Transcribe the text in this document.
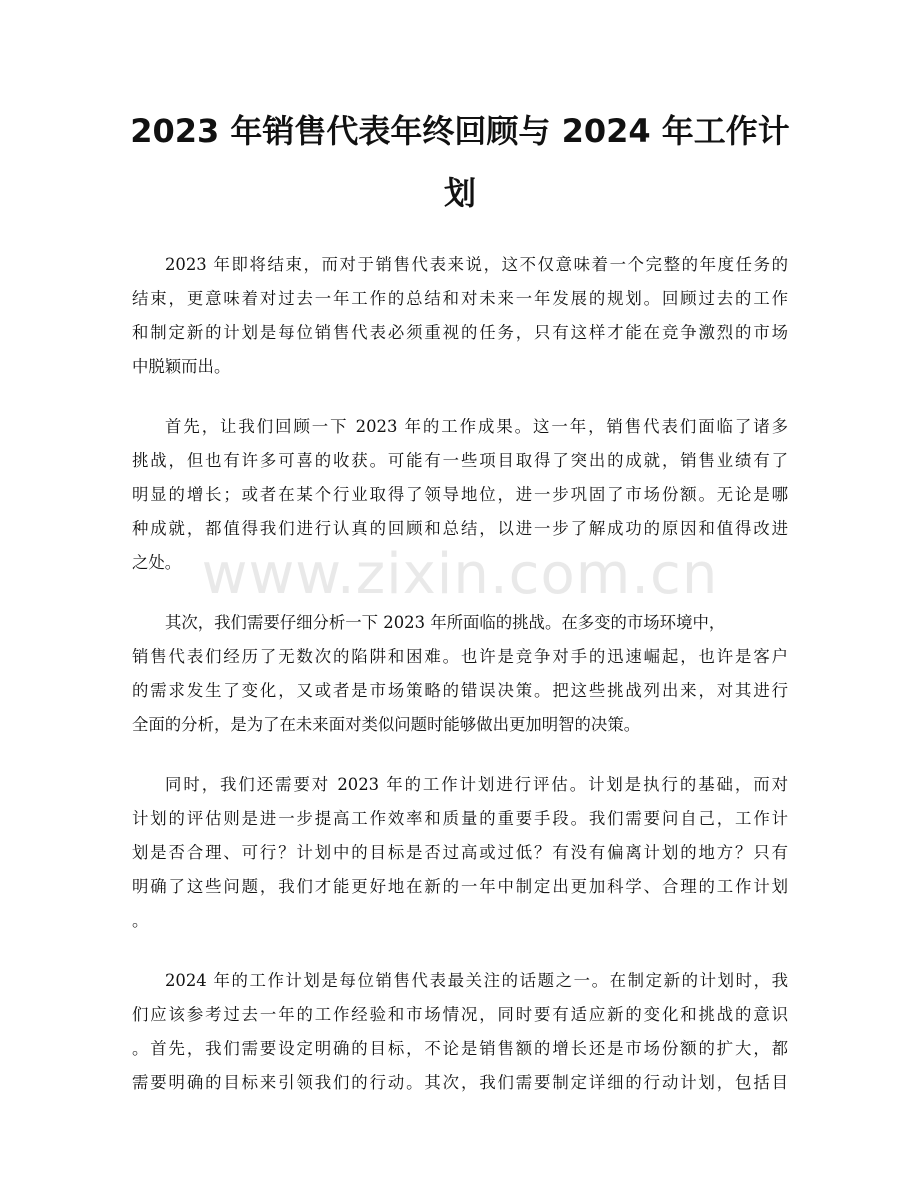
2023 年销售代表年终回顾与 2024 年工作计
划

2023 年即将结束，而对于销售代表来说，这不仅意味着一个完整的年度任务的
结束，更意味着对过去一年工作的总结和对未来一年发展的规划。回顾过去的工作
和制定新的计划是每位销售代表必须重视的任务，只有这样才能在竞争激烈的市场
中脱颖而出。

首先，让我们回顾一下 2023 年的工作成果。这一年，销售代表们面临了诸多
挑战，但也有许多可喜的收获。可能有一些项目取得了突出的成就，销售业绩有了
明显的增长；或者在某个行业取得了领导地位，进一步巩固了市场份额。无论是哪
种成就，都值得我们进行认真的回顾和总结，以进一步了解成功的原因和值得改进
之处。

其次，我们需要仔细分析一下 2023 年所面临的挑战。在多变的市场环境中，
销售代表们经历了无数次的陷阱和困难。也许是竞争对手的迅速崛起，也许是客户
的需求发生了变化，又或者是市场策略的错误决策。把这些挑战列出来，对其进行
全面的分析，是为了在未来面对类似问题时能够做出更加明智的决策。

同时，我们还需要对 2023 年的工作计划进行评估。计划是执行的基础，而对
计划的评估则是进一步提高工作效率和质量的重要手段。我们需要问自己，工作计
划是否合理、可行？计划中的目标是否过高或过低？有没有偏离计划的地方？只有
明确了这些问题，我们才能更好地在新的一年中制定出更加科学、合理的工作计划
。

2024 年的工作计划是每位销售代表最关注的话题之一。在制定新的计划时，我
们应该参考过去一年的工作经验和市场情况，同时要有适应新的变化和挑战的意识
。首先，我们需要设定明确的目标，不论是销售额的增长还是市场份额的扩大，都
需要明确的目标来引领我们的行动。其次，我们需要制定详细的行动计划，包括目

www.zixin.com.cn
